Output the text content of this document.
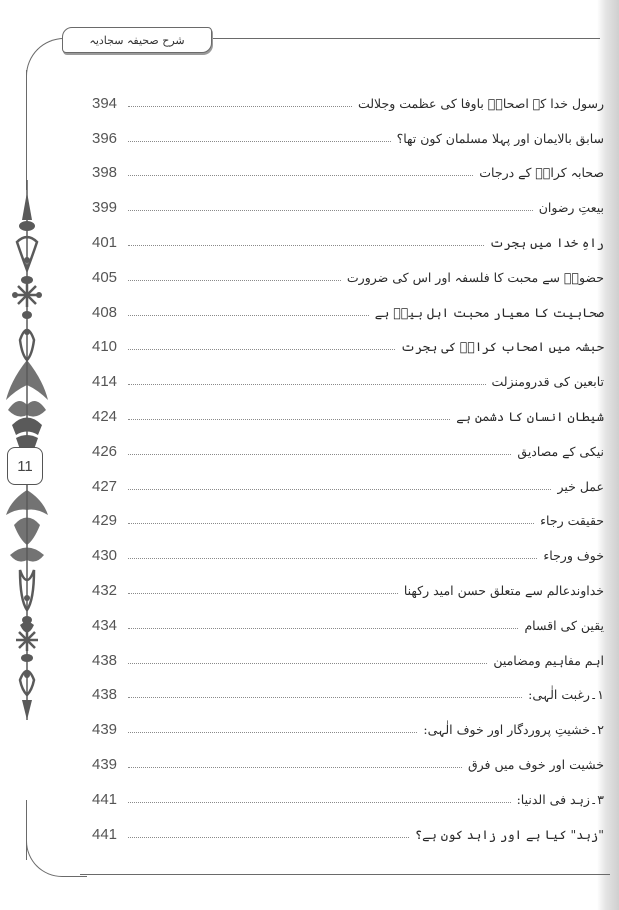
شرح صحیفہ سجادیہ
11
394	رسول خدا کے اصحابؓ باوفا کی عظمت وجلالت
396	سابق بالایمان اور پہلا مسلمان کون تھا؟
398	صحابہ کرامؓ کے درجات
399	بیعتِ رضوان
401	راہِ خدا میں ہجرت
405	حضورؐ سے محبت کا فلسفہ اور اس کی ضرورت
408	صحابیت کا معیار محبت اہل بیتؑ ہے
410	حبشہ میں اصحاب کرامؓ کی ہجرت
414	تابعین کی قدرومنزلت
424	شیطان انسان کا دشمن ہے
426	نیکی کے مصادیق
427	عمل خیر
429	حقیقت رجاء
430	خوف ورجاء
432	خداوندعالم سے متعلق حسن امید رکھنا
434	یقین کی اقسام
438	اہم مفاہیم ومضامین
438	۱۔رغبت الٰہی:
439	۲۔خشیتِ پروردگار اور خوف الٰہی:
439	خشیت اور خوف میں فرق
441	۳۔زہد فی الدنیا:
441	"زہد" کیا ہے اور زاہد کون ہے؟
